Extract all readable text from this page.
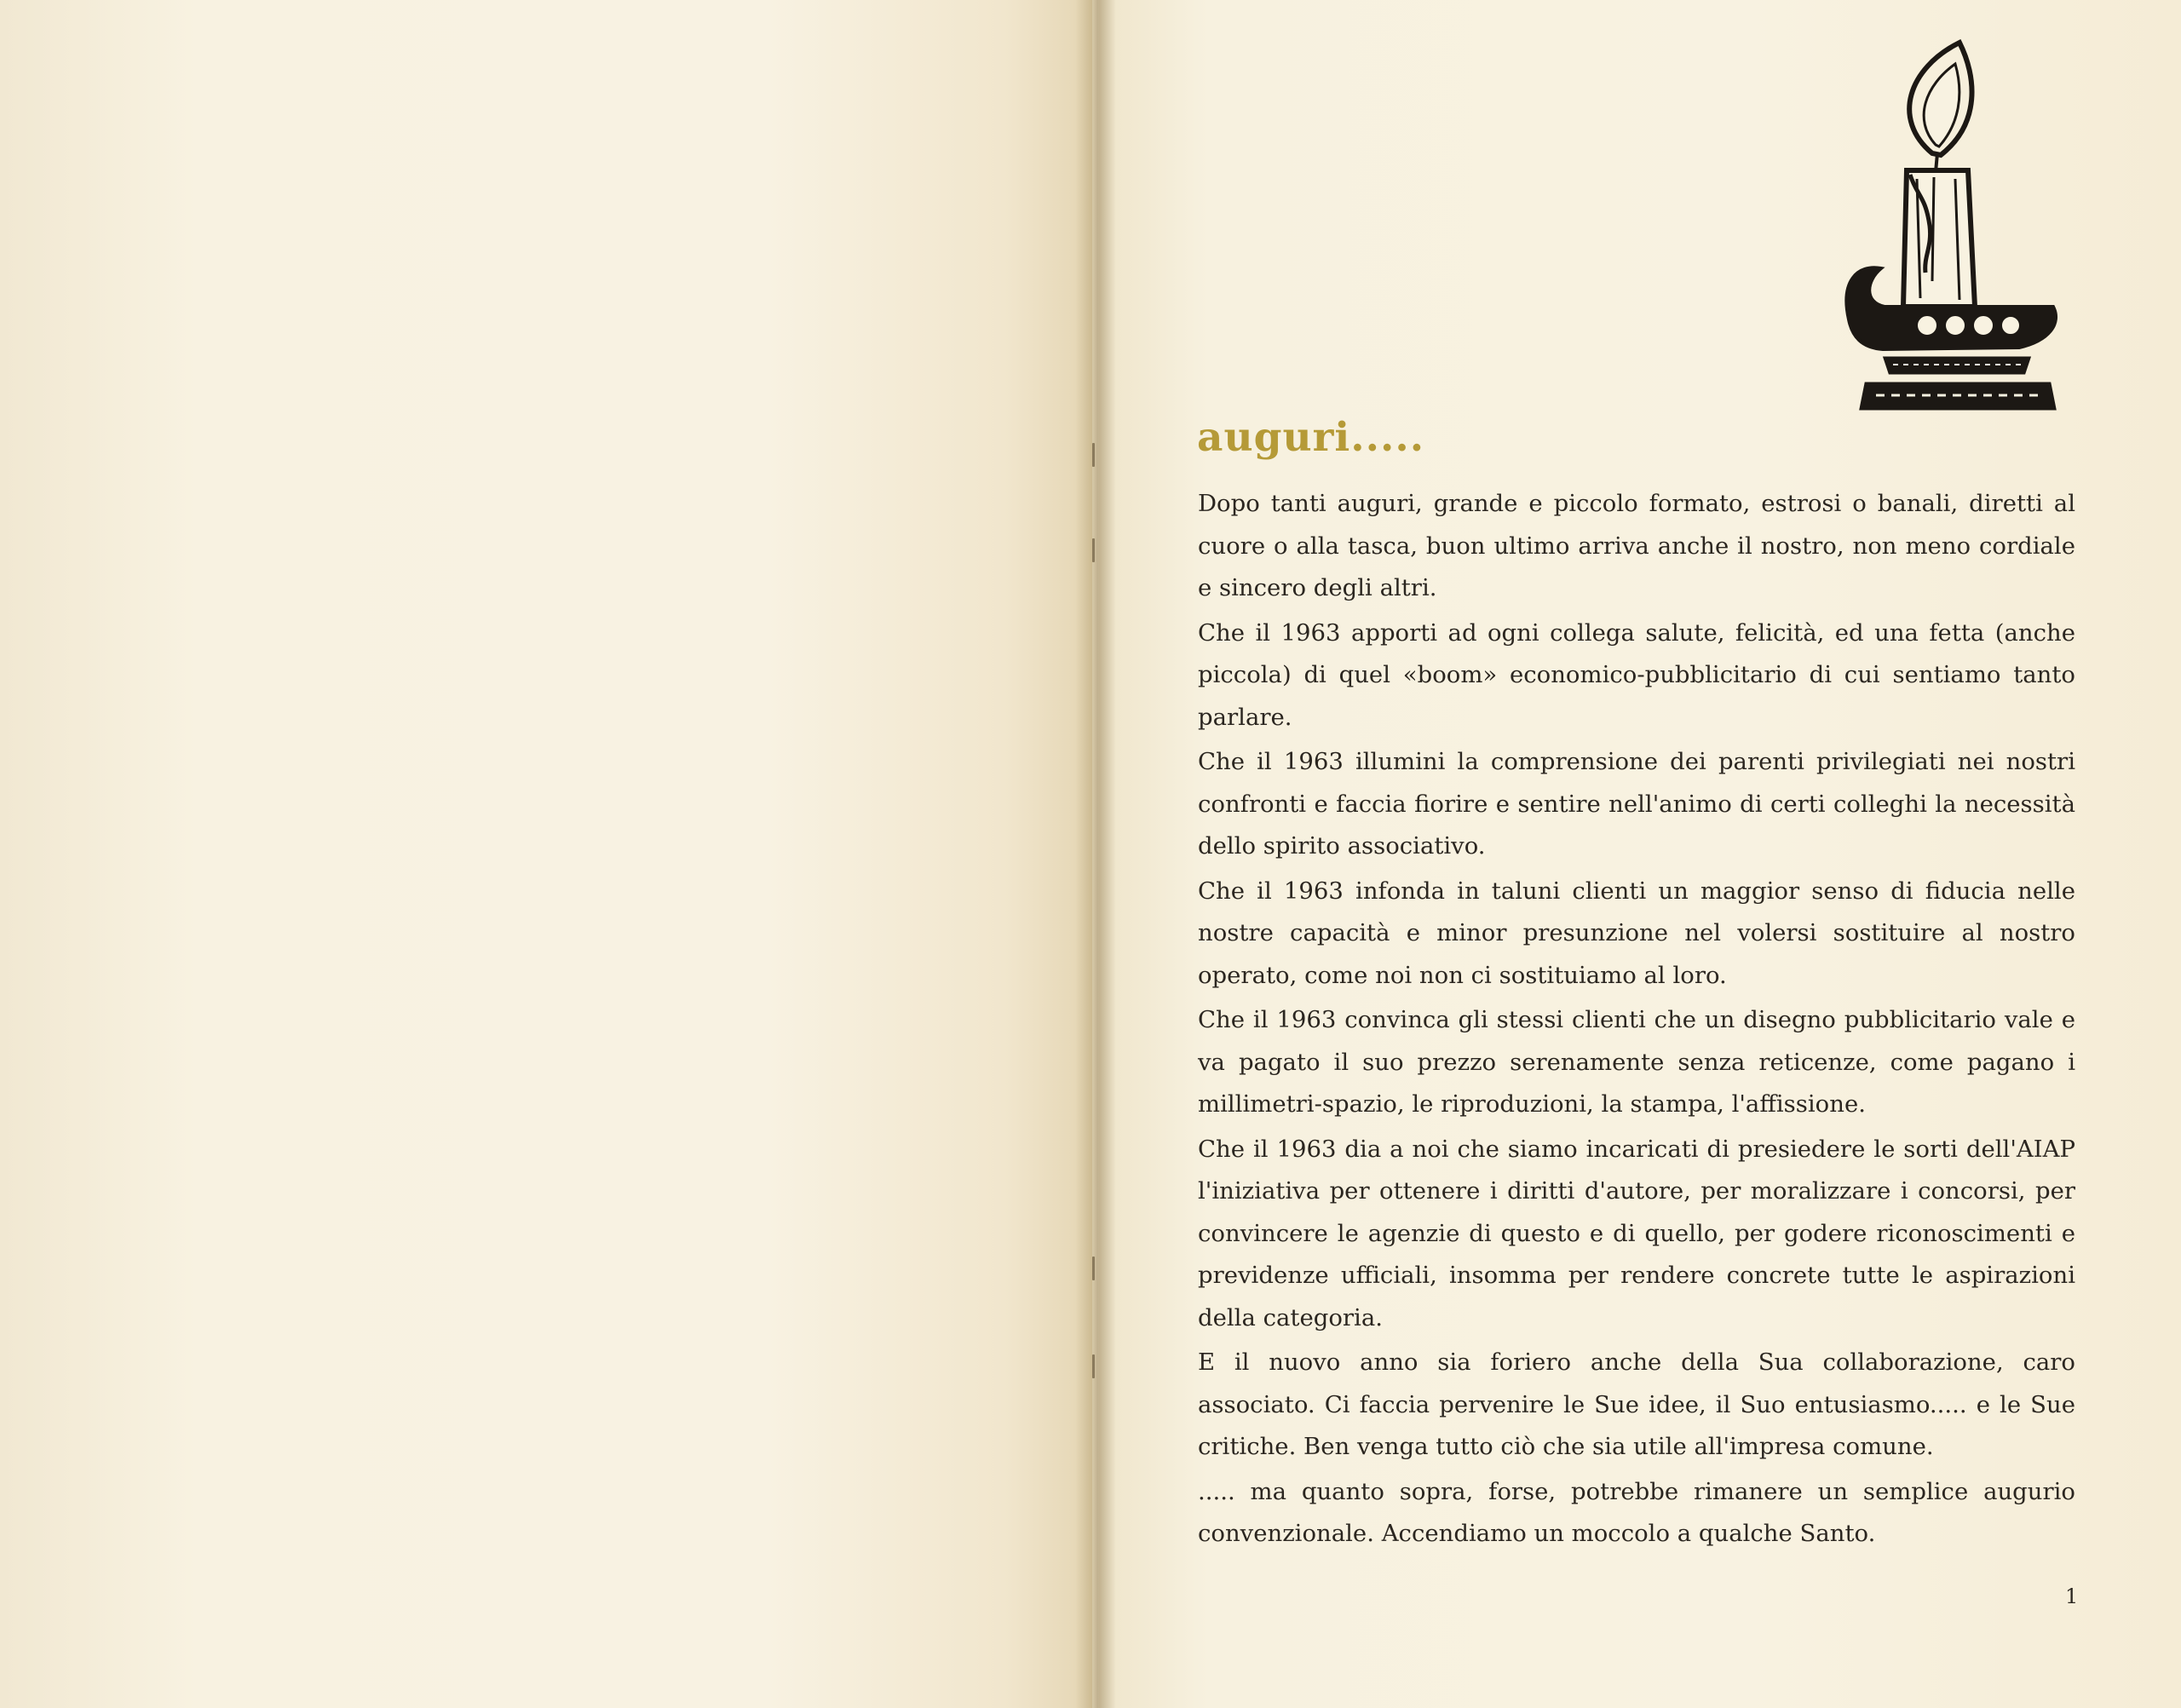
auguri.....

Dopo tanti auguri, grande e piccolo formato, estrosi o banali, diretti al cuore o alla tasca, buon ultimo arriva anche il nostro, non meno cordiale e sincero degli altri.

Che il 1963 apporti ad ogni collega salute, felicità, ed una fetta (anche piccola) di quel «boom» economico-pubblicitario di cui sentiamo tanto parlare.

Che il 1963 illumini la comprensione dei parenti privilegiati nei nostri confronti e faccia fiorire e sentire nell'animo di certi colleghi la necessità dello spirito associativo.

Che il 1963 infonda in taluni clienti un maggior senso di fiducia nelle nostre capacità e minor presunzione nel volersi sostituire al nostro operato, come noi non ci sostituiamo al loro.

Che il 1963 convinca gli stessi clienti che un disegno pubblicitario vale e va pagato il suo prezzo serenamente senza reticenze, come pagano i millimetri-spazio, le riproduzioni, la stampa, l'affissione.

Che il 1963 dia a noi che siamo incaricati di presiedere le sorti dell'AIAP l'iniziativa per ottenere i diritti d'autore, per moralizzare i concorsi, per convincere le agenzie di questo e di quello, per godere riconoscimenti e previdenze ufficiali, insomma per rendere concrete tutte le aspirazioni della categoria.

E il nuovo anno sia foriero anche della Sua collaborazione, caro associato. Ci faccia pervenire le Sue idee, il Suo entusiasmo..... e le Sue critiche. Ben venga tutto ciò che sia utile all'impresa comune.

..... ma quanto sopra, forse, potrebbe rimanere un semplice augurio convenzionale. Accendiamo un moccolo a qualche Santo.

1
